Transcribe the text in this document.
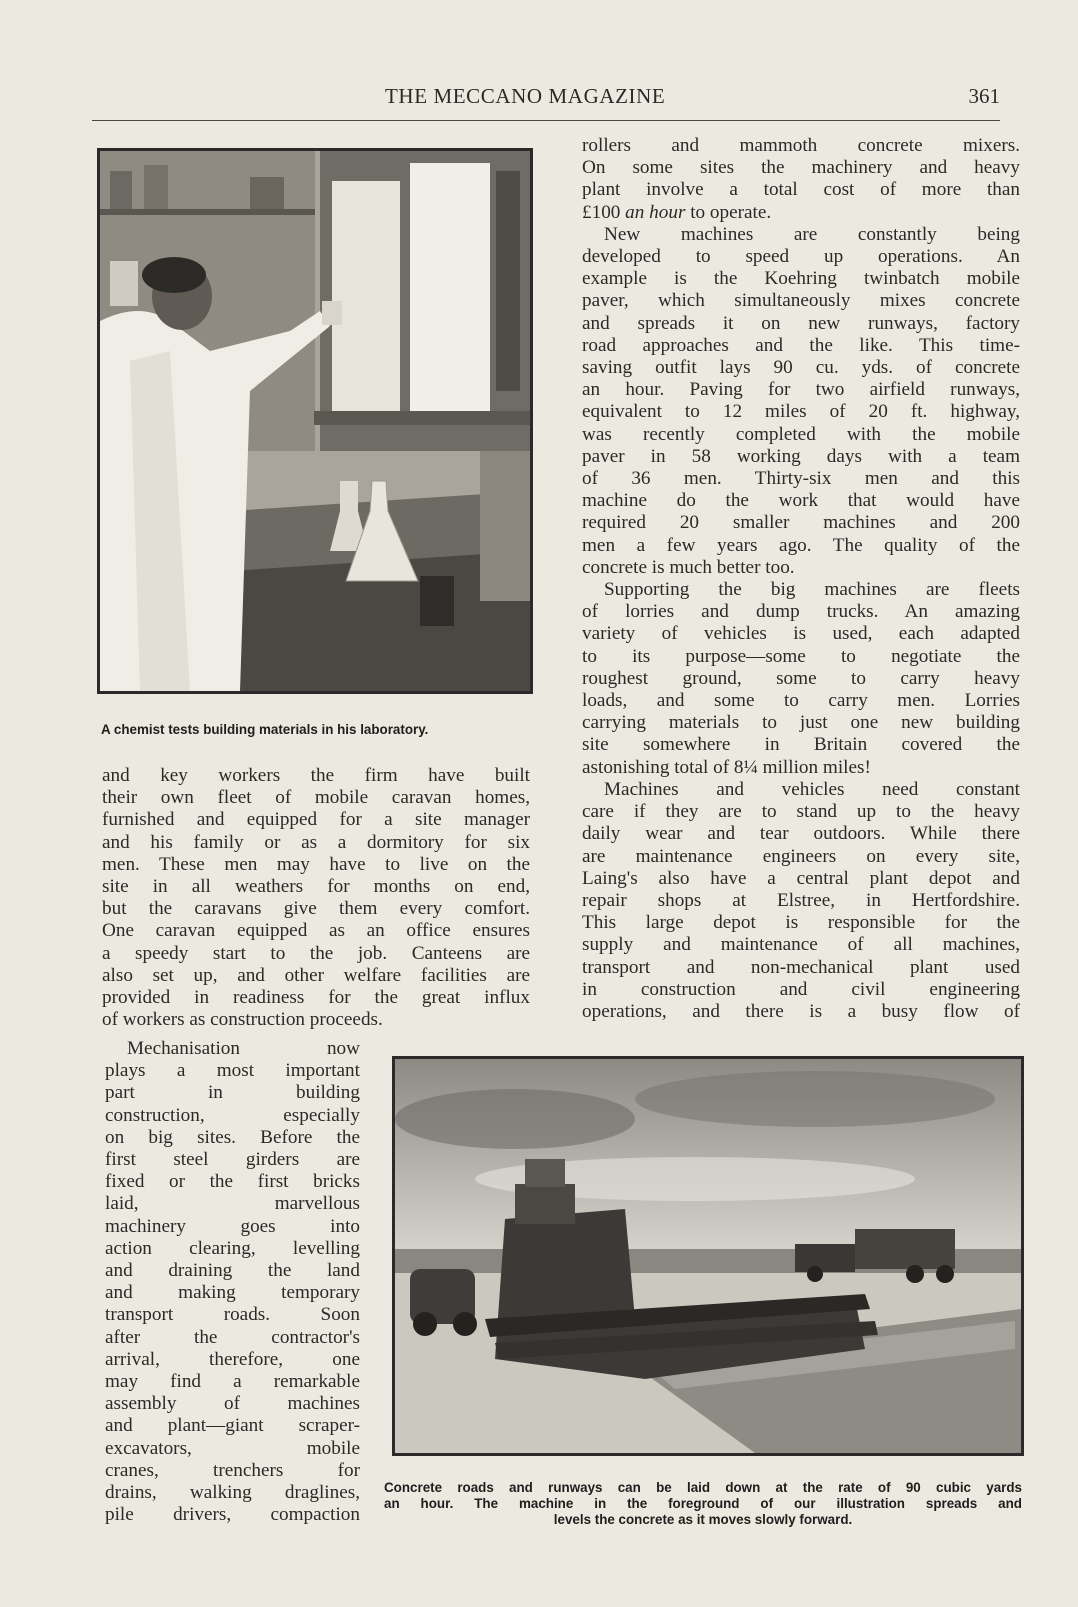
THE MECCANO MAGAZINE	361
A chemist tests building materials in his laboratory.

and key workers the firm have built

their own fleet of mobile caravan homes,

furnished and equipped for a site manager

and his family or as a dormitory for six

men. These men may have to live on the

site in all weathers for months on end,

but the caravans give them every comfort.

One caravan equipped as an office ensures

a speedy start to the job. Canteens are

also set up, and other welfare facilities are

provided in readiness for the great influx

of workers as construction proceeds.

Mechanisation now

plays a most important

part in building

construction, especially

on big sites. Before the

first steel girders are

fixed or the first bricks

laid, marvellous

machinery goes into

action clearing, levelling

and draining the land

and making temporary

transport roads. Soon

after the contractor's

arrival, therefore, one

may find a remarkable

assembly of machines

and plant—giant scraper-

excavators, mobile

cranes, trenchers for

drains, walking draglines,

pile drivers, compaction

rollers and mammoth concrete mixers.

On some sites the machinery and heavy

plant involve a total cost of more than

£100 an hour to operate.

New machines are constantly being

developed to speed up operations. An

example is the Koehring twinbatch mobile

paver, which simultaneously mixes concrete

and spreads it on new runways, factory

road approaches and the like. This time-

saving outfit lays 90 cu. yds. of concrete

an hour. Paving for two airfield runways,

equivalent to 12 miles of 20 ft. highway,

was recently completed with the mobile

paver in 58 working days with a team

of 36 men. Thirty-six men and this

machine do the work that would have

required 20 smaller machines and 200

men a few years ago. The quality of the

concrete is much better too.

Supporting the big machines are fleets

of lorries and dump trucks. An amazing

variety of vehicles is used, each adapted

to its purpose—some to negotiate the

roughest ground, some to carry heavy

loads, and some to carry men. Lorries

carrying materials to just one new building

site somewhere in Britain covered the

astonishing total of 8¼ million miles!

Machines and vehicles need constant

care if they are to stand up to the heavy

daily wear and tear outdoors. While there

are maintenance engineers on every site,

Laing's also have a central plant depot and

repair shops at Elstree, in Hertfordshire.

This large depot is responsible for the

supply and maintenance of all machines,

transport and non-mechanical plant used

in construction and civil engineering

operations, and there is a busy flow of

Concrete roads and runways can be laid down at the rate of 90 cubic yards
an hour. The machine in the foreground of our illustration spreads and
levels the concrete as it moves slowly forward.
